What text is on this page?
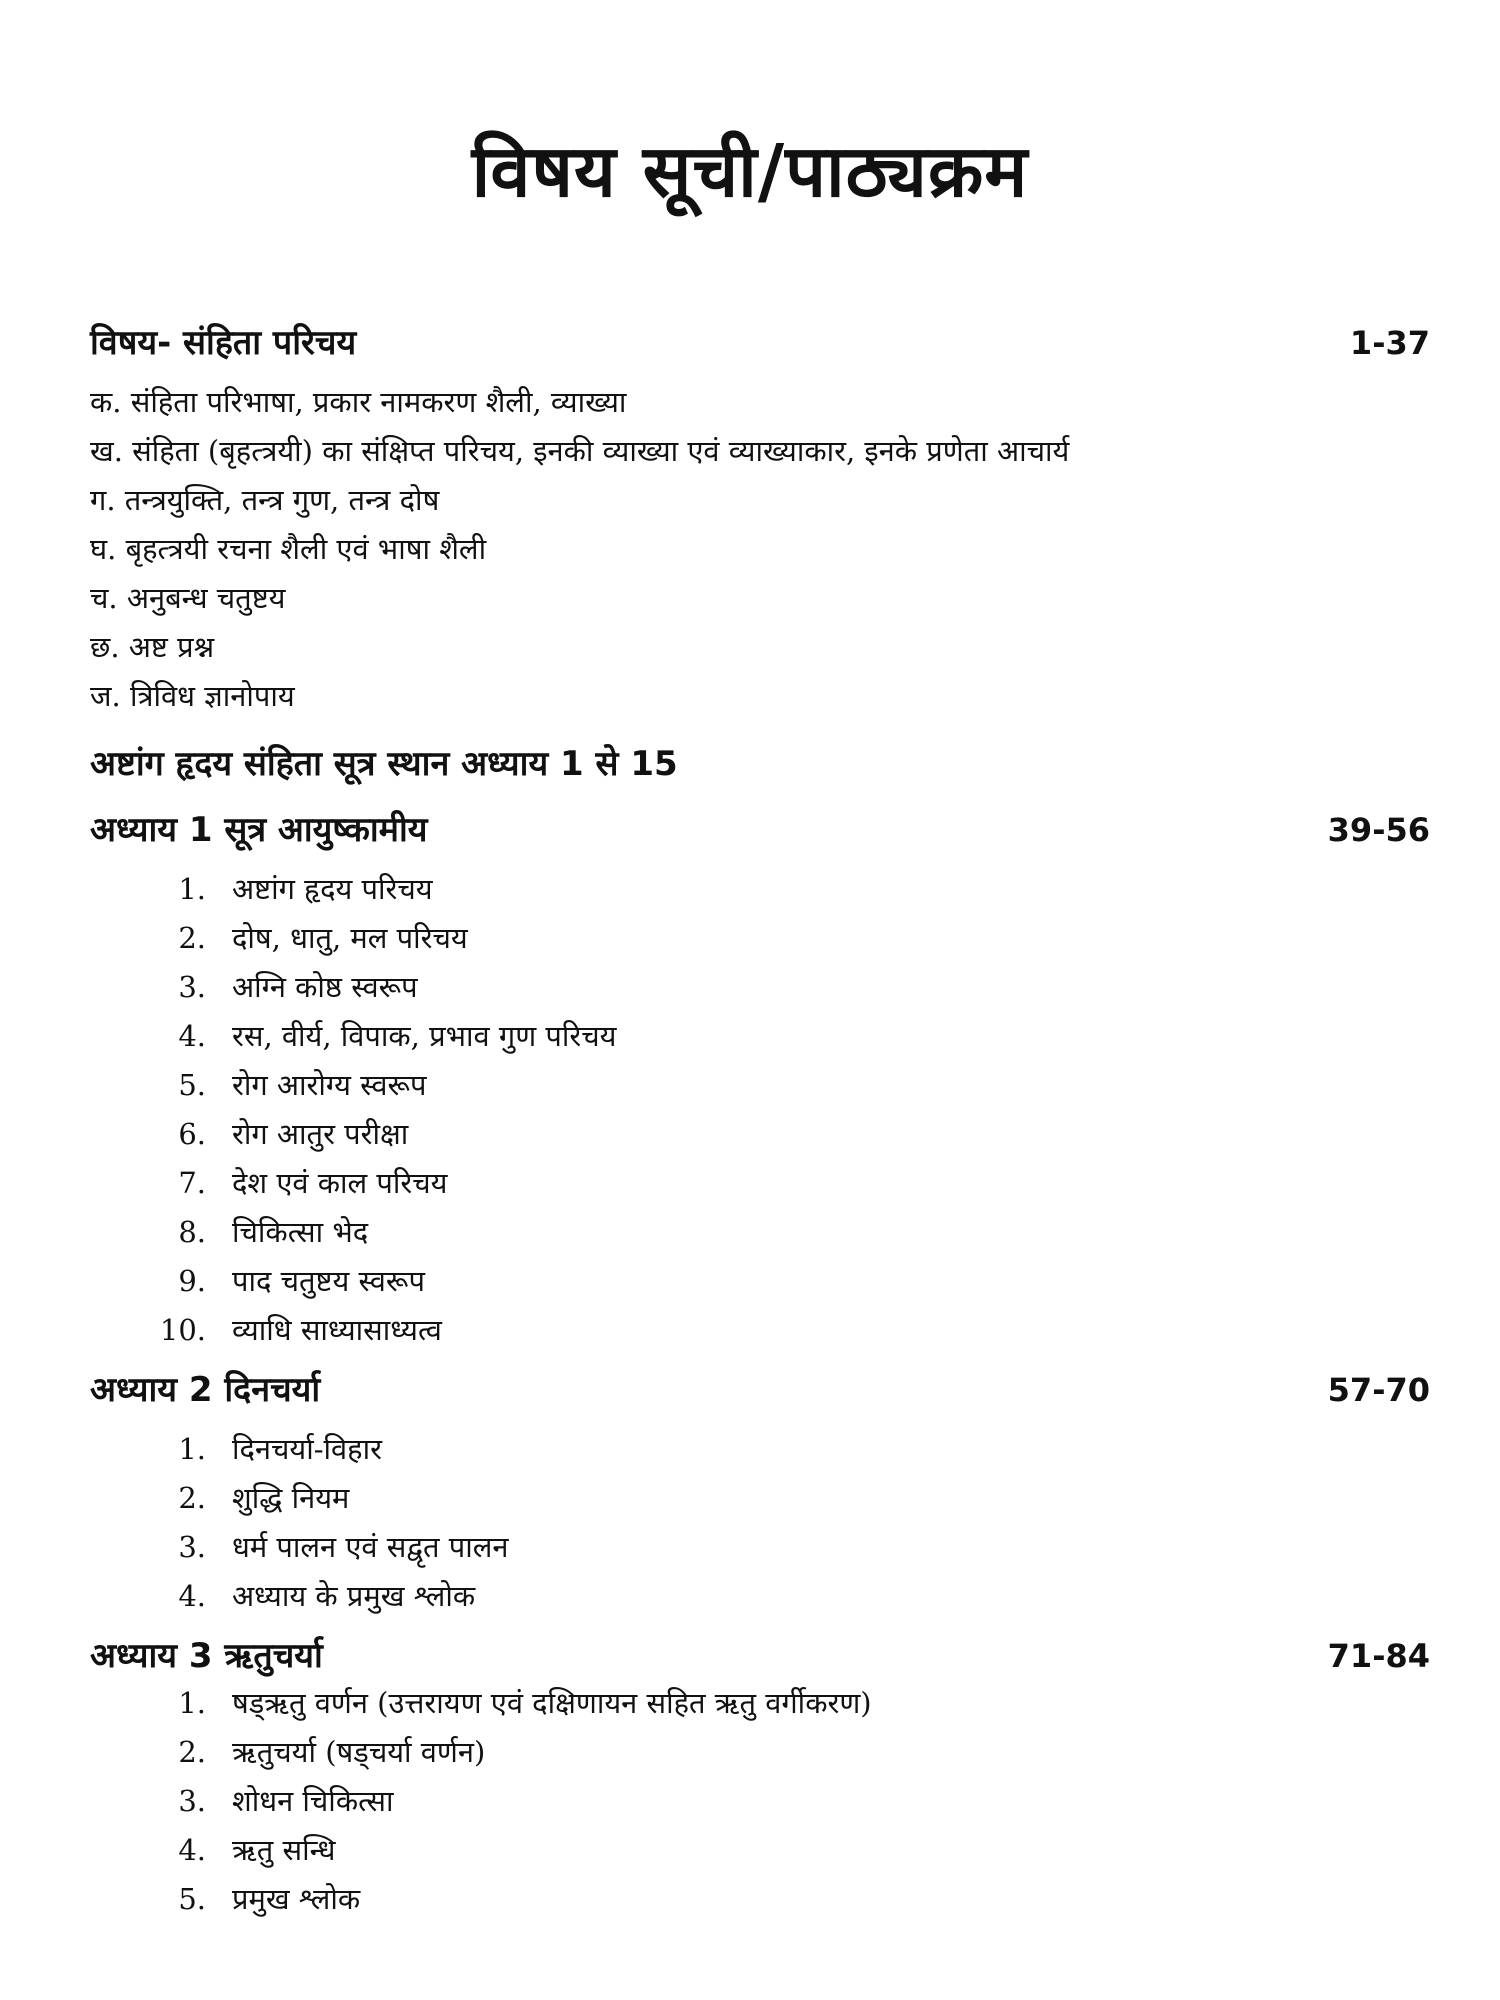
विषय सूची/पाठ्यक्रम
विषय- संहिता परिचय	1-37
क. संहिता परिभाषा, प्रकार नामकरण शैली, व्याख्या
ख. संहिता (बृहत्त्रयी) का संक्षिप्त परिचय, इनकी व्याख्या एवं व्याख्याकार, इनके प्रणेता आचार्य
ग. तन्त्रयुक्ति, तन्त्र गुण, तन्त्र दोष
घ. बृहत्त्रयी रचना शैली एवं भाषा शैली
च. अनुबन्ध चतुष्टय
छ. अष्ट प्रश्न
ज. त्रिविध ज्ञानोपाय
अष्टांग हृदय संहिता सूत्र स्थान अध्याय 1 से 15
अध्याय 1 सूत्र आयुष्कामीय	39-56
1. अष्टांग हृदय परिचय
2. दोष, धातु, मल परिचय
3. अग्नि कोष्ठ स्वरूप
4. रस, वीर्य, विपाक, प्रभाव गुण परिचय
5. रोग आरोग्य स्वरूप
6. रोग आतुर परीक्षा
7. देश एवं काल परिचय
8. चिकित्सा भेद
9. पाद चतुष्टय स्वरूप
10. व्याधि साध्यासाध्यत्व
अध्याय 2 दिनचर्या	57-70
1. दिनचर्या-विहार
2. शुद्धि नियम
3. धर्म पालन एवं सद्वृत पालन
4. अध्याय के प्रमुख श्लोक
अध्याय 3 ऋतुचर्या	71-84
1. षड्ऋतु वर्णन (उत्तरायण एवं दक्षिणायन सहित ऋतु वर्गीकरण)
2. ऋतुचर्या (षड्चर्या वर्णन)
3. शोधन चिकित्सा
4. ऋतु सन्धि
5. प्रमुख श्लोक
